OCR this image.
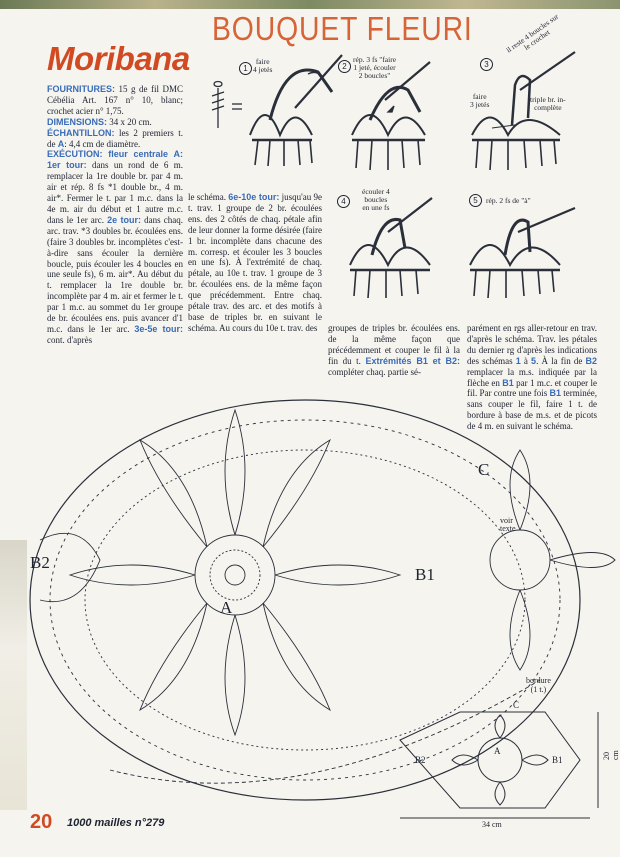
BOUQUET FLEURI
Moribana

FOURNITURES: 15 g de fil DMC Cébélia Art. 167 n° 10, blanc; crochet acier n° 1,75.

DIMENSIONS: 34 x 20 cm.

ÉCHANTILLON: les 2 premiers t. de A: 4,4 cm de diamètre.

EXÉCUTION: fleur centrale A: 1er tour: dans un rond de 6 m. remplacer la 1re double br. par 4 m. air et rép. 8 fs *1 double br., 4 m. air*. Fermer le t. par 1 m.c. dans la 4e m. air du début et 1 autre m.c. dans le 1er arc. 2e tour: dans chaq. arc. trav. *3 doubles br. écoulées ens. (faire 3 doubles br. incomplètes c'est-à-dire sans écouler la dernière boucle, puis écouler les 4 boucles en une seule fs), 6 m. air*. Au début du t. remplacer la 1re double br. incomplète par 4 m. air et fermer le t. par 1 m.c. au sommet du 1er groupe de br. écoulées ens. puis avancer d'1 m.c. dans le 1er arc. 3e-5e tour: cont. d'après

le schéma. 6e-10e tour: jusqu'au 9e t. trav. 1 groupe de 2 br. écoulées ens. des 2 côtés de chaq. pétale afin de leur donner la forme désirée (faire 1 br. incomplète dans chacune des m. corresp. et écouler les 3 boucles en une fs). À l'extrémité de chaq. pétale, au 10e t. trav. 1 groupe de 3 br. écoulées ens. de la même façon que précédemment. Entre chaq. pétale trav. des arc. et des motifs à base de triples br. en suivant le schéma. Au cours du 10e t. trav. des	groupes de triples br. écoulées ens. de la même façon que précédemment et couper le fil à la fin du t. Extrémités B1 et B2: compléter chaq. partie sé-

parément en rgs aller-retour en trav. d'après le schéma. Trav. les pétales du dernier rg d'après les indications des schémas 1 à 5. À la fin de B2 remplacer la m.s. indiquée par la flèche en B1 par 1 m.c. et couper le fil. Par contre une fois B1 terminée, sans couper le fil, faire 1 t. de bordure à base de m.s. et de picots de 4 m. en suivant le schéma.

1
faire
4 jetés	2
rép. 3 fs "faire
1 jeté, écouler
2 boucles"
3
faire
3 jetés
triple br. in-
complète
il reste 4 boucles sur
le crochet
4
écouler 4
boucles
en une fs
5	rép. 2 fs de "à"
A
B1
B2
C
voir
texte
bordure
(1 t.)
A
B1
B2
C
34 cm
20 cm
20 1000 mailles n°279
